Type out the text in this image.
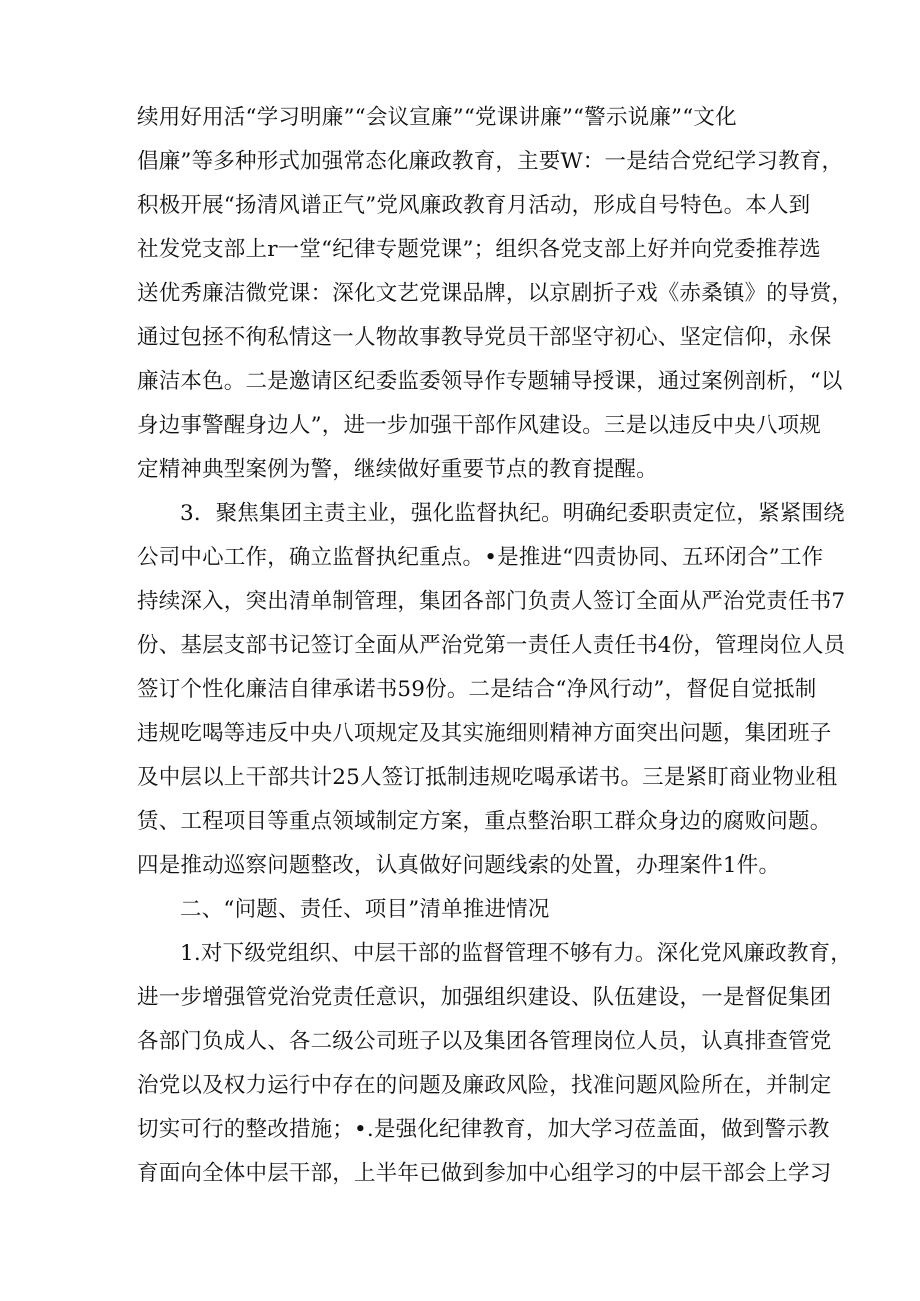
续用好用活“学习明廉”“会议宣廉”“党课讲廉”“警示说廉”“文化
倡廉”等多种形式加强常态化廉政教育，主要W：一是结合党纪学习教育，
积极开展“扬清风谱正气”党风廉政教育月活动，形成自号特色。本人到
社发党支部上r一堂“纪律专题党课”；组织各党支部上好并向党委推荐选
送优秀廉洁微党课：深化文艺党课品牌，以京剧折子戏《赤桑镇》的导赏，
通过包拯不徇私情这一人物故事教导党员干部坚守初心、坚定信仰，永保
廉洁本色。二是邀请区纪委监委领导作专题辅导授课，通过案例剖析，“以
身边事警醒身边人”，进一步加强干部作风建设。三是以违反中央八项规
定精神典型案例为警，继续做好重要节点的教育提醒。
3．聚焦集团主责主业，强化监督执纪。明确纪委职责定位，紧紧围绕
公司中心工作，确立监督执纪重点。•是推进“四责协同、五环闭合”工作
持续深入，突出清单制管理，集团各部门负责人签订全面从严治党责任书7
份、基层支部书记签订全面从严治党第一责任人责任书4份，管理岗位人员
签订个性化廉洁自律承诺书59份。二是结合“净风行动”，督促自觉抵制
违规吃喝等违反中央八项规定及其实施细则精神方面突出问题，集团班子
及中层以上干部共计25人签订抵制违规吃喝承诺书。三是紧盯商业物业租
赁、工程项目等重点领域制定方案，重点整治职工群众身边的腐败问题。
四是推动巡察问题整改，认真做好问题线索的处置，办理案件1件。
二、“问题、责任、项目”清单推进情况
1.对下级党组织、中层干部的监督管理不够有力。深化党风廉政教育，
进一步增强管党治党责任意识，加强组织建设、队伍建设，一是督促集团
各部门负成人、各二级公司班子以及集团各管理岗位人员，认真排查管党
治党以及权力运行中存在的问题及廉政风险，找准问题风险所在，并制定
切实可行的整改措施；•.是强化纪律教育，加大学习莅盖面，做到警示教
育面向全体中层干部，上半年已做到参加中心组学习的中层干部会上学习
